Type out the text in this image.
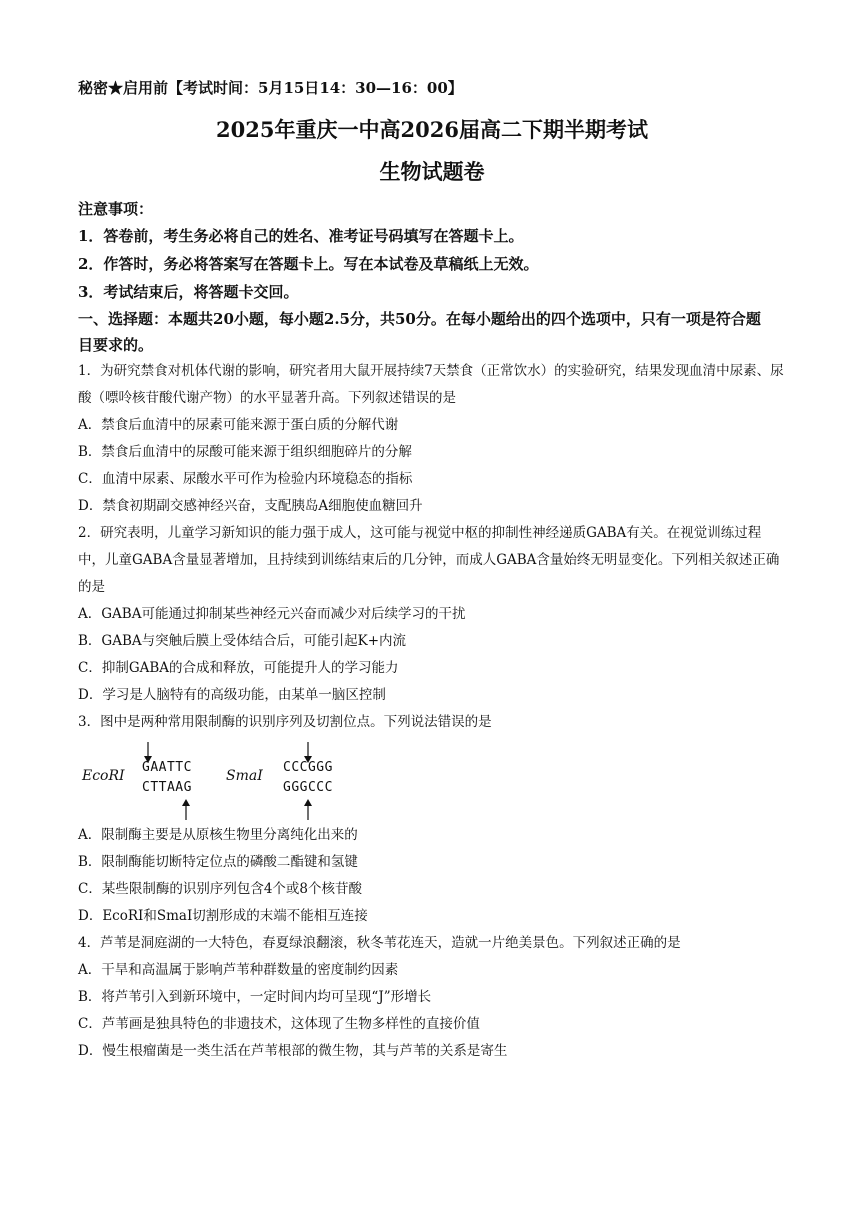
秘密★启用前【考试时间：5月15日14：30—16：00】

2025年重庆一中高2026届高二下期半期考试

生物试题卷

注意事项：

1．答卷前，考生务必将自己的姓名、准考证号码填写在答题卡上。

2．作答时，务必将答案写在答题卡上。写在本试卷及草稿纸上无效。

3．考试结束后，将答题卡交回。

一、选择题：本题共20小题，每小题2.5分，共50分。在每小题给出的四个选项中，只有一项是符合题

目要求的。

1．为研究禁食对机体代谢的影响，研究者用大鼠开展持续7天禁食（正常饮水）的实验研究，结果发现血清中尿素、尿酸（嘌呤核苷酸代谢产物）的水平显著升高。下列叙述错误的是

A．禁食后血清中的尿素可能来源于蛋白质的分解代谢

B．禁食后血清中的尿酸可能来源于组织细胞碎片的分解

C．血清中尿素、尿酸水平可作为检验内环境稳态的指标

D．禁食初期副交感神经兴奋，支配胰岛A细胞使血糖回升

2．研究表明，儿童学习新知识的能力强于成人，这可能与视觉中枢的抑制性神经递质GABA有关。在视觉训练过程中，儿童GABA含量显著增加，且持续到训练结束后的几分钟，而成人GABA含量始终无明显变化。下列相关叙述正确的是

A．GABA可能通过抑制某些神经元兴奋而减少对后续学习的干扰

B．GABA与突触后膜上受体结合后，可能引起K+内流

C．抑制GABA的合成和释放，可能提升人的学习能力

D．学习是人脑特有的高级功能，由某单一脑区控制

3．图中是两种常用限制酶的识别序列及切割位点。下列说法错误的是

EcoRI
GAATTC
CTTAAG
SmaI
CCCGGG
GGGCCC

A．限制酶主要是从原核生物里分离纯化出来的

B．限制酶能切断特定位点的磷酸二酯键和氢键

C．某些限制酶的识别序列包含4个或8个核苷酸

D．EcoRI和SmaI切割形成的末端不能相互连接

4．芦苇是洞庭湖的一大特色，春夏绿浪翻滚，秋冬苇花连天，造就一片绝美景色。下列叙述正确的是

A．干旱和高温属于影响芦苇种群数量的密度制约因素

B．将芦苇引入到新环境中，一定时间内均可呈现“J”形增长

C．芦苇画是独具特色的非遗技术，这体现了生物多样性的直接价值

D．慢生根瘤菌是一类生活在芦苇根部的微生物，其与芦苇的关系是寄生
